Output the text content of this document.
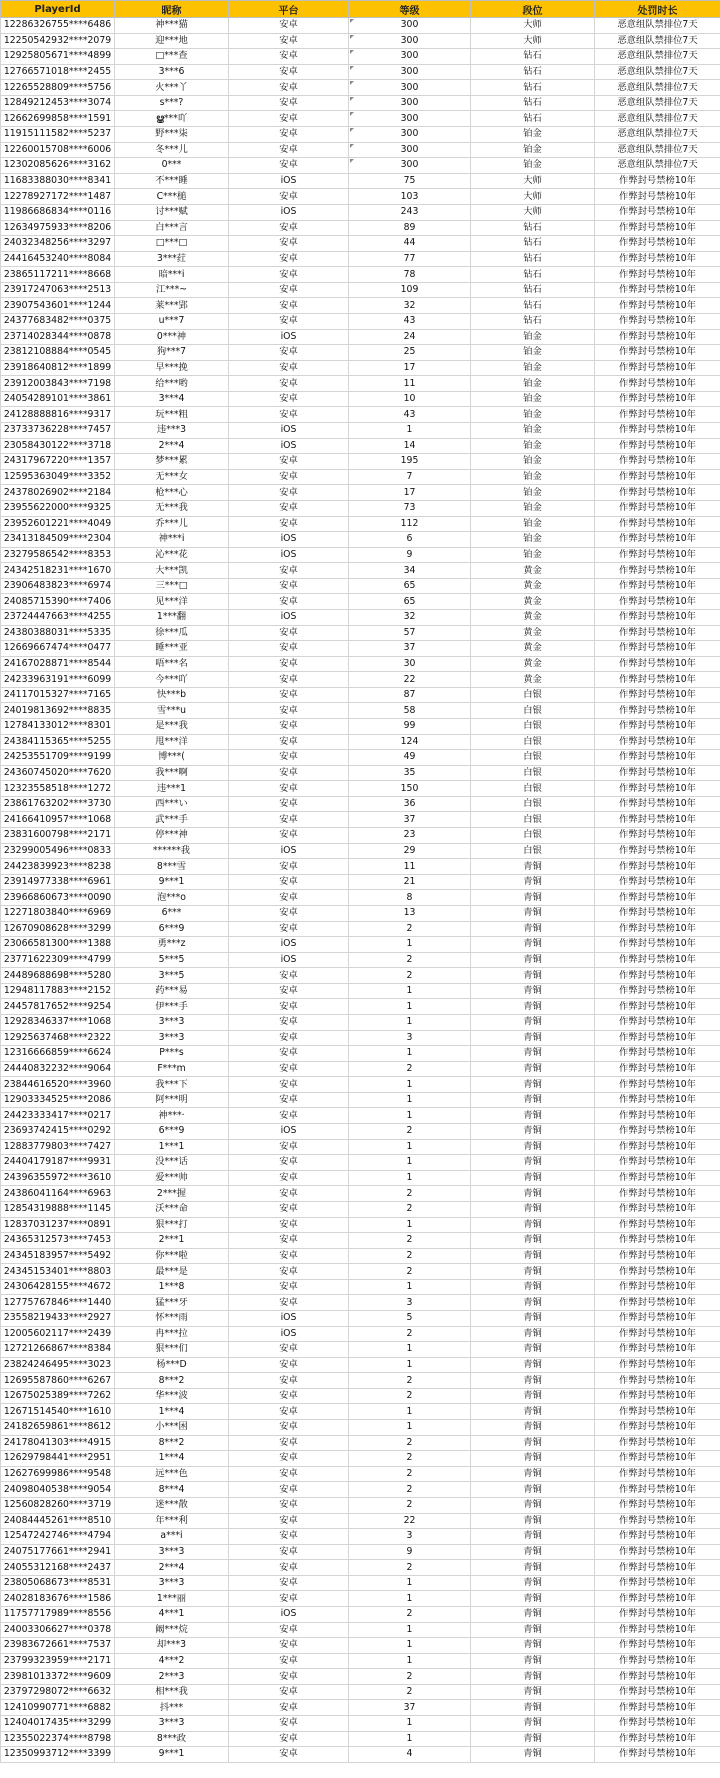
PlayerId	昵称	平台	等级	段位	处罚时长
12286326755****6486	神***猫	安卓	300	大师	恶意组队禁排位7天
12250542932****2079	迎***地	安卓	300	大师	恶意组队禁排位7天
12925805671****4899	□***查	安卓	300	钻石	恶意组队禁排位7天
12766571018****2455	3***6	安卓	300	钻石	恶意组队禁排位7天
12265528809****5756	火***丫	安卓	300	钻石	恶意组队禁排位7天
12849212453****3074	s***?	安卓	300	钻石	恶意组队禁排位7天
12662699858****1591	ൠ***吖	安卓	300	钻石	恶意组队禁排位7天
11915111582****5237	野***柒	安卓	300	铂金	恶意组队禁排位7天
12260015708****6006	冬***儿	安卓	300	铂金	恶意组队禁排位7天
12302085626****3162	0***	安卓	300	铂金	恶意组队禁排位7天
11683388030****8341	不***睡	iOS	75	大师	作弊封号禁榜10年
12278927172****1487	C***槌	安卓	103	大师	作弊封号禁榜10年
11986686834****0116	讨***赋	iOS	243	大师	作弊封号禁榜10年
12634975933****8206	白***言	安卓	89	钻石	作弊封号禁榜10年
24032348256****3297	□***□	安卓	44	钻石	作弊封号禁榜10年
24416453240****8084	3***荭	安卓	77	钻石	作弊封号禁榜10年
23865117211****8668	暗***i	安卓	78	钻石	作弊封号禁榜10年
23917247063****2513	江***~	安卓	109	钻石	作弊封号禁榜10年
23907543601****1244	莱***郢	安卓	32	钻石	作弊封号禁榜10年
24377683482****0375	u***7	安卓	43	钻石	作弊封号禁榜10年
23714028344****0878	0***神	iOS	24	铂金	作弊封号禁榜10年
23812108884****0545	狗***7	安卓	25	铂金	作弊封号禁榜10年
23918640812****1899	早***挽	安卓	17	铂金	作弊封号禁榜10年
23912003843****7198	给***哟	安卓	11	铂金	作弊封号禁榜10年
24054289101****3861	3***4	安卓	10	铂金	作弊封号禁榜10年
24128888816****9317	玩***粗	安卓	43	铂金	作弊封号禁榜10年
23733736228****7457	违***3	iOS	1	铂金	作弊封号禁榜10年
23058430122****3718	2***4	iOS	14	铂金	作弊封号禁榜10年
24317967220****1357	梦***累	安卓	195	铂金	作弊封号禁榜10年
12595363049****3352	无***女	安卓	7	铂金	作弊封号禁榜10年
24378026902****2184	枪***心	安卓	17	铂金	作弊封号禁榜10年
23955622000****9325	无***我	安卓	73	铂金	作弊封号禁榜10年
23952601221****4049	乔***儿	安卓	112	铂金	作弊封号禁榜10年
23413184509****2304	神***i	iOS	6	铂金	作弊封号禁榜10年
23279586542****8353	沁***花	iOS	9	铂金	作弊封号禁榜10年
24342518231****1670	大***凯	安卓	34	黄金	作弊封号禁榜10年
23906483823****6974	三***□	安卓	65	黄金	作弊封号禁榜10年
24085715390****7406	见***洋	安卓	65	黄金	作弊封号禁榜10年
23724447663****4255	1***翻	iOS	32	黄金	作弊封号禁榜10年
24380388031****5335	徐***瓜	安卓	57	黄金	作弊封号禁榜10年
12669667474****0477	睡***亚	安卓	37	黄金	作弊封号禁榜10年
24167028871****8544	唔***名	安卓	30	黄金	作弊封号禁榜10年
24233963191****6099	今***吖	安卓	22	黄金	作弊封号禁榜10年
24117015327****7165	快***b	安卓	87	白银	作弊封号禁榜10年
24019813692****8835	雪***u	安卓	58	白银	作弊封号禁榜10年
12784133012****8301	是***我	安卓	99	白银	作弊封号禁榜10年
24384115365****5255	甩***洋	安卓	124	白银	作弊封号禁榜10年
24253551709****9199	博***(	安卓	49	白银	作弊封号禁榜10年
24360745020****7620	我***啊	安卓	35	白银	作弊封号禁榜10年
12323558518****1272	违***1	安卓	150	白银	作弊封号禁榜10年
23861763202****3730	西***い	安卓	36	白银	作弊封号禁榜10年
24166410957****1068	武***手	安卓	37	白银	作弊封号禁榜10年
23831600798****2171	停***神	安卓	23	白银	作弊封号禁榜10年
23299005496****0833	******我	iOS	29	白银	作弊封号禁榜10年
24423839923****8238	8***雪	安卓	11	青铜	作弊封号禁榜10年
23914977338****6961	9***1	安卓	21	青铜	作弊封号禁榜10年
23966860673****0090	泡***o	安卓	8	青铜	作弊封号禁榜10年
12271803840****6969	6***	安卓	13	青铜	作弊封号禁榜10年
12670908628****3299	6***9	安卓	2	青铜	作弊封号禁榜10年
23066581300****1388	勇***z	iOS	1	青铜	作弊封号禁榜10年
23771622309****4799	5***5	iOS	2	青铜	作弊封号禁榜10年
24489688698****5280	3***5	安卓	2	青铜	作弊封号禁榜10年
12948117883****2152	药***易	安卓	1	青铜	作弊封号禁榜10年
24457817652****9254	伊***手	安卓	1	青铜	作弊封号禁榜10年
12928346337****1068	3***3	安卓	1	青铜	作弊封号禁榜10年
12925637468****2322	3***3	安卓	3	青铜	作弊封号禁榜10年
12316666859****6624	P***s	安卓	1	青铜	作弊封号禁榜10年
24440832232****9064	F***m	安卓	2	青铜	作弊封号禁榜10年
23844616520****3960	我***下	安卓	1	青铜	作弊封号禁榜10年
12903334525****2086	阿***明	安卓	1	青铜	作弊封号禁榜10年
24423333417****0217	神***·	安卓	1	青铜	作弊封号禁榜10年
23693742415****0292	6***9	iOS	2	青铜	作弊封号禁榜10年
12883779803****7427	1***1	安卓	1	青铜	作弊封号禁榜10年
24404179187****9931	没***话	安卓	1	青铜	作弊封号禁榜10年
24396355972****3610	爱***帅	安卓	1	青铜	作弊封号禁榜10年
24386041164****6963	2***握	安卓	2	青铜	作弊封号禁榜10年
12854319888****1145	沃***命	安卓	2	青铜	作弊封号禁榜10年
12837031237****0891	狠***打	安卓	1	青铜	作弊封号禁榜10年
24365312573****7453	2***1	安卓	2	青铜	作弊封号禁榜10年
24345183957****5492	你***啦	安卓	2	青铜	作弊封号禁榜10年
24345153401****8803	最***是	安卓	2	青铜	作弊封号禁榜10年
24306428155****4672	1***8	安卓	1	青铜	作弊封号禁榜10年
12775767846****1440	猛***牙	安卓	3	青铜	作弊封号禁榜10年
23558219433****2927	怀***雨	iOS	5	青铜	作弊封号禁榜10年
12005602117****2439	冉***拉	iOS	2	青铜	作弊封号禁榜10年
12721266867****8384	狠***们	安卓	1	青铜	作弊封号禁榜10年
23824246495****3023	杨***D	安卓	1	青铜	作弊封号禁榜10年
12695587860****6267	8***2	安卓	2	青铜	作弊封号禁榜10年
12675025389****7262	华***波	安卓	2	青铜	作弊封号禁榜10年
12671514540****1610	1***4	安卓	1	青铜	作弊封号禁榜10年
24182659861****8612	小***困	安卓	1	青铜	作弊封号禁榜10年
24178041303****4915	8***2	安卓	2	青铜	作弊封号禁榜10年
12629798441****2951	1***4	安卓	2	青铜	作弊封号禁榜10年
12627699986****9548	远***色	安卓	2	青铜	作弊封号禁榜10年
24098040538****9054	8***4	安卓	2	青铜	作弊封号禁榜10年
12560828260****3719	迷***散	安卓	2	青铜	作弊封号禁榜10年
24084445261****8510	年***利	安卓	22	青铜	作弊封号禁榜10年
12547242746****4794	a***i	安卓	3	青铜	作弊封号禁榜10年
24075177661****2941	3***3	安卓	9	青铜	作弊封号禁榜10年
24055312168****2437	2***4	安卓	2	青铜	作弊封号禁榜10年
23805068673****8531	3***3	安卓	1	青铜	作弊封号禁榜10年
24028183676****1586	1***丽	安卓	1	青铜	作弊封号禁榜10年
11757717989****8556	4***1	iOS	2	青铜	作弊封号禁榜10年
24003306627****0378	阚***烷	安卓	1	青铜	作弊封号禁榜10年
23983672661****7537	却***3	安卓	1	青铜	作弊封号禁榜10年
23799323959****2171	4***2	安卓	1	青铜	作弊封号禁榜10年
23981013372****9609	2***3	安卓	2	青铜	作弊封号禁榜10年
23797298072****6632	相***我	安卓	2	青铜	作弊封号禁榜10年
12410990771****6882	抖***	安卓	37	青铜	作弊封号禁榜10年
12404017435****3299	3***3	安卓	1	青铜	作弊封号禁榜10年
12355022374****8798	8***政	安卓	1	青铜	作弊封号禁榜10年
12350993712****3399	9***1	安卓	4	青铜	作弊封号禁榜10年
